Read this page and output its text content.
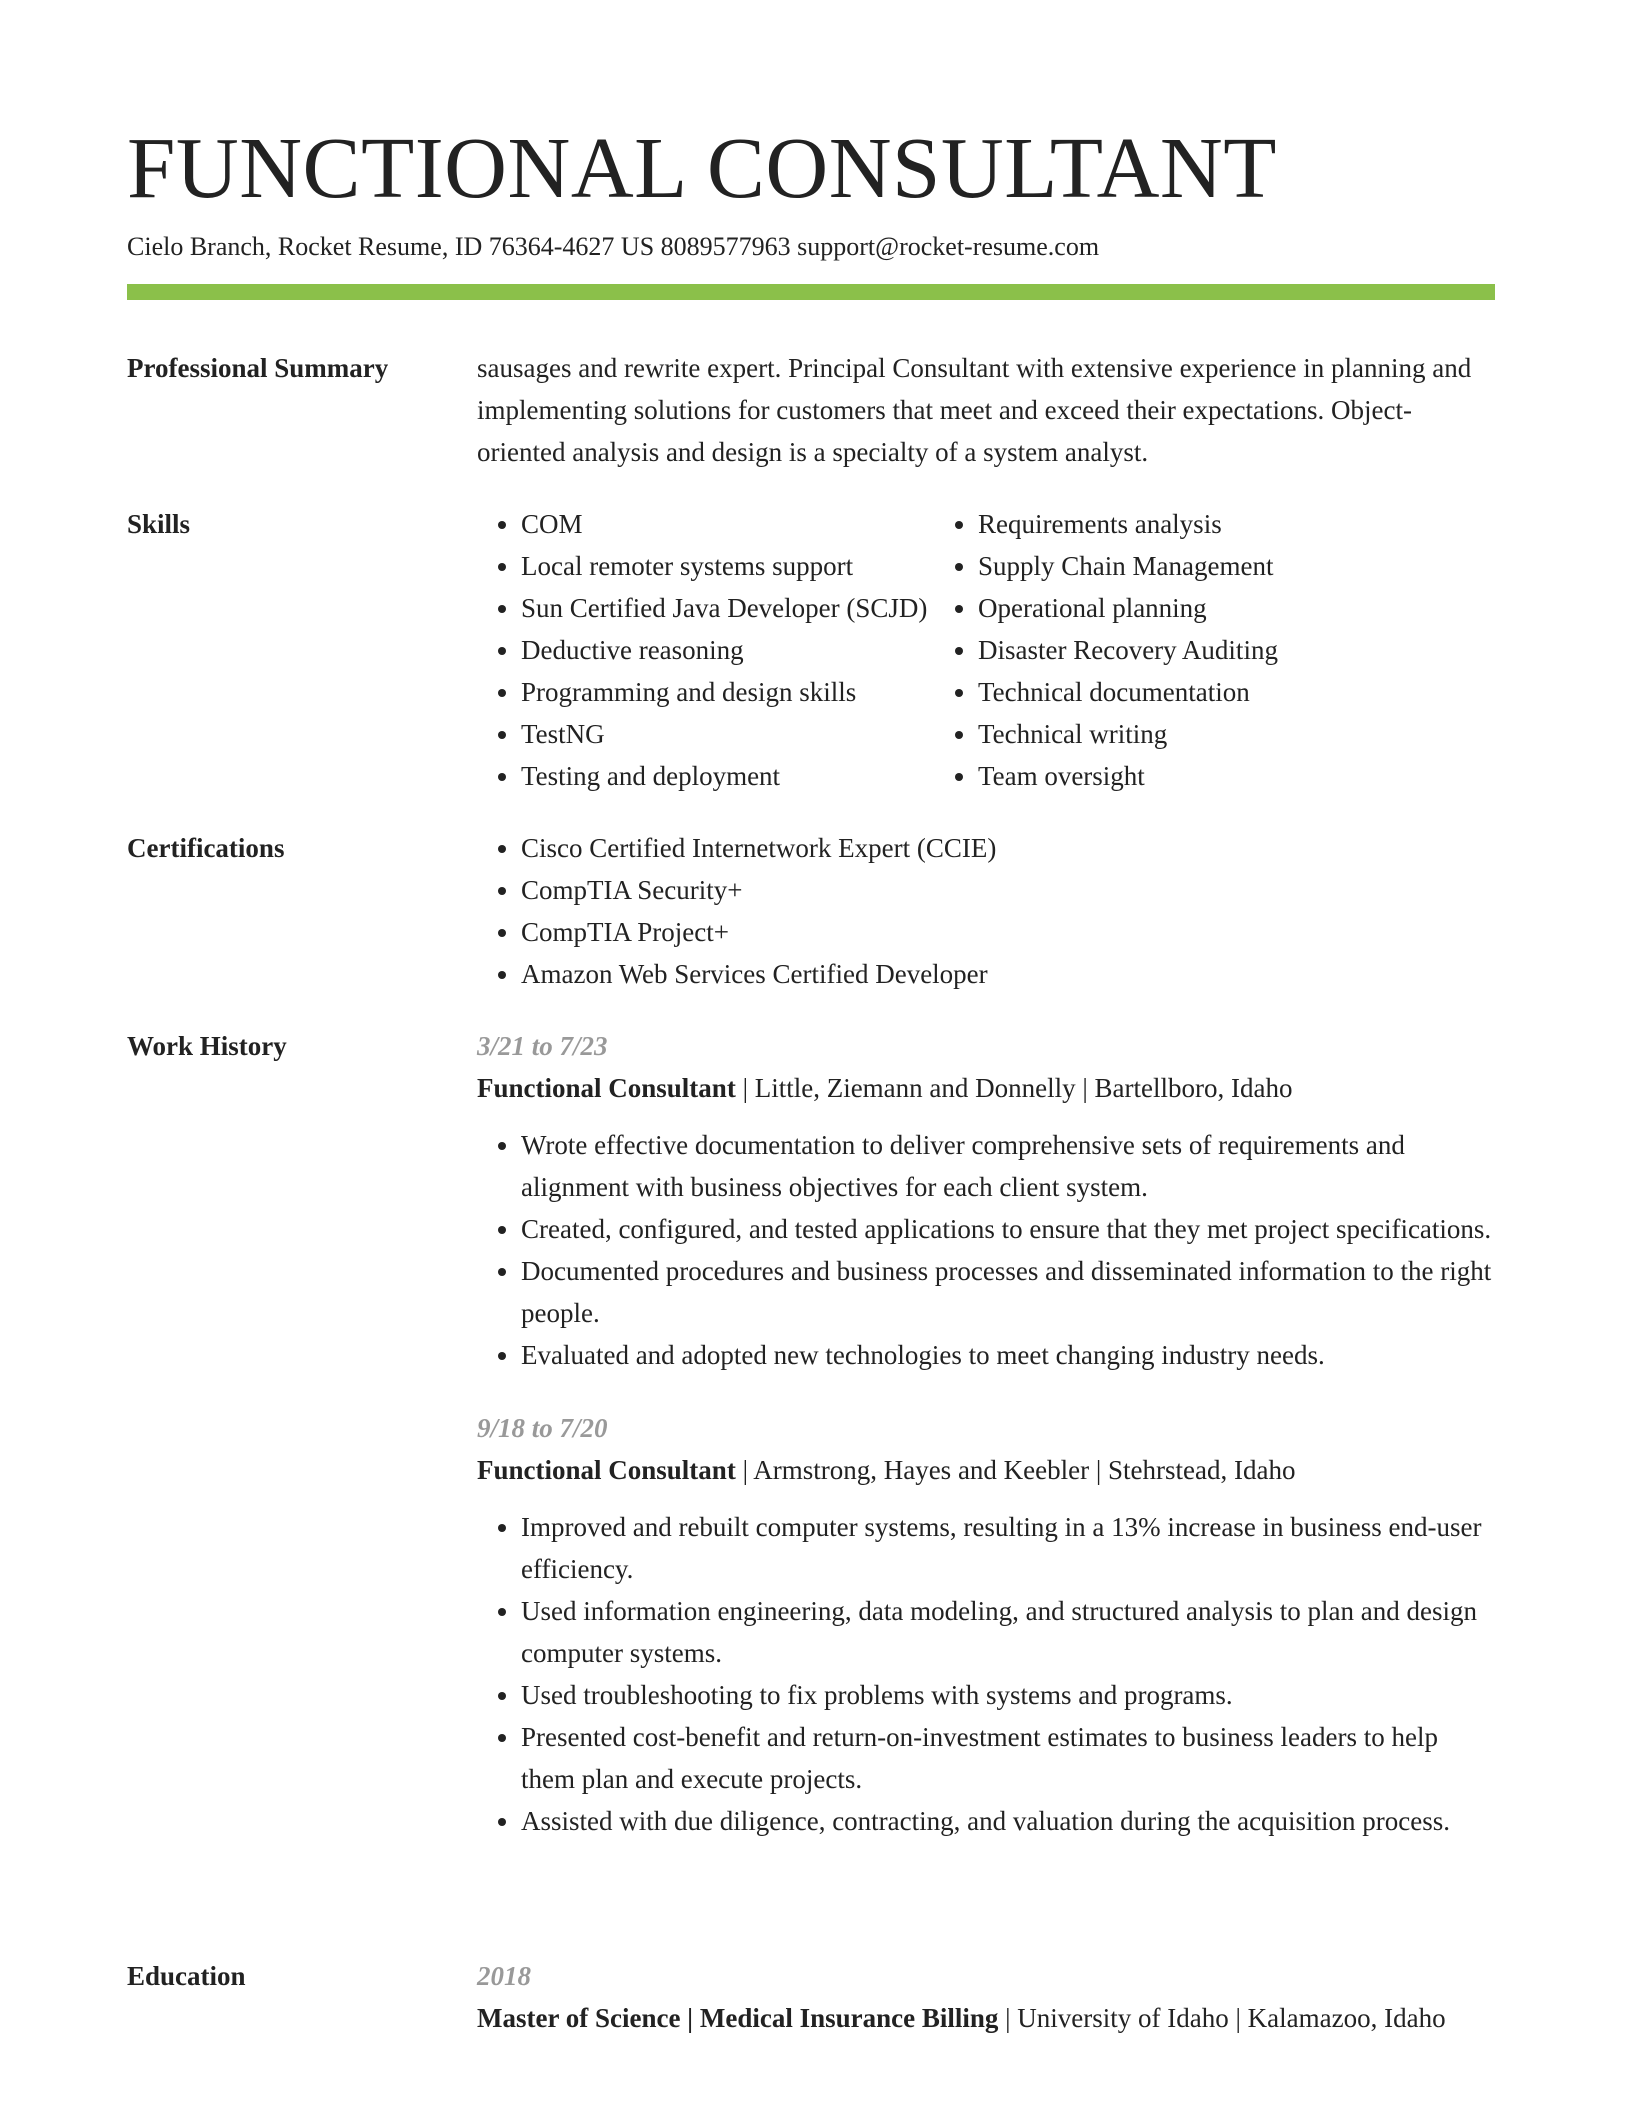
FUNCTIONAL CONSULTANT
Cielo Branch, Rocket Resume, ID 76364-4627 US 8089577963 support@rocket-resume.com
Professional Summary	sausages and rewrite expert. Principal Consultant with extensive experience in planning and implementing solutions for customers that meet and exceed their expectations. Object-oriented analysis and design is a specialty of a system analyst.

Skills	• COM
• Local remoter systems support
• Sun Certified Java Developer (SCJD)
• Deductive reasoning
• Programming and design skills
• TestNG
• Testing and deployment
• Requirements analysis
• Supply Chain Management
• Operational planning
• Disaster Recovery Auditing
• Technical documentation
• Technical writing
• Team oversight
Certifications	• Cisco Certified Internetwork Expert (CCIE)
• CompTIA Security+
• CompTIA Project+
• Amazon Web Services Certified Developer
Work History	3/21 to 7/23
Functional Consultant | Little, Ziemann and Donnelly | Bartellboro, Idaho
• Wrote effective documentation to deliver comprehensive sets of requirements and alignment with business objectives for each client system.
• Created, configured, and tested applications to ensure that they met project specifications.
• Documented procedures and business processes and disseminated information to the right people.
• Evaluated and adopted new technologies to meet changing industry needs.
9/18 to 7/20
Functional Consultant | Armstrong, Hayes and Keebler | Stehrstead, Idaho
• Improved and rebuilt computer systems, resulting in a 13% increase in business end-user efficiency.
• Used information engineering, data modeling, and structured analysis to plan and design computer systems.
• Used troubleshooting to fix problems with systems and programs.
• Presented cost-benefit and return-on-investment estimates to business leaders to help them plan and execute projects.
• Assisted with due diligence, contracting, and valuation during the acquisition process.
Education	2018
Master of Science | Medical Insurance Billing | University of Idaho | Kalamazoo, Idaho
